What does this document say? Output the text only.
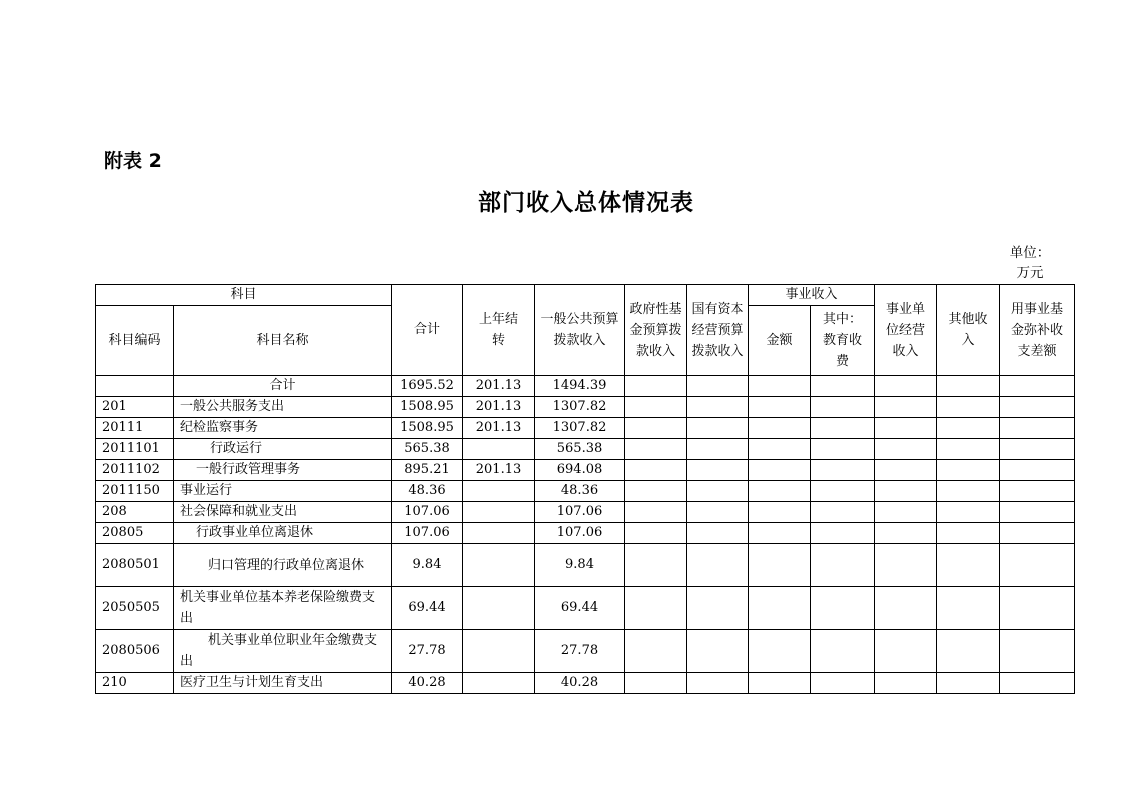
附表 2
部门收入总体情况表
单位：
万元
科目		合计	上年结转	一般公共预算拨款收入	政府性基金预算拨款收入	国有资本经营预算拨款收入	事业收入		事业单位经营收入	其他收入	用事业基金弥补收支差额
科目编码	科目名称						金额	其中：教育收费			
	合计	1695.52	201.13	1494.39							
201	一般公共服务支出	1508.95	201.13	1307.82							
20111	纪检监察事务	1508.95	201.13	1307.82							
2011101	行政运行	565.38		565.38							
2011102	一般行政管理事务	895.21	201.13	694.08							
2011150	事业运行	48.36		48.36							
208	社会保障和就业支出	107.06		107.06							
20805	行政事业单位离退休	107.06		107.06							
2080501	归口管理的行政单位离退休	9.84		9.84							
2050505	机关事业单位基本养老保险缴费支出	69.44		69.44							
2080506	机关事业单位职业年金缴费支出	27.78		27.78							
210	医疗卫生与计划生育支出	40.28		40.28							
